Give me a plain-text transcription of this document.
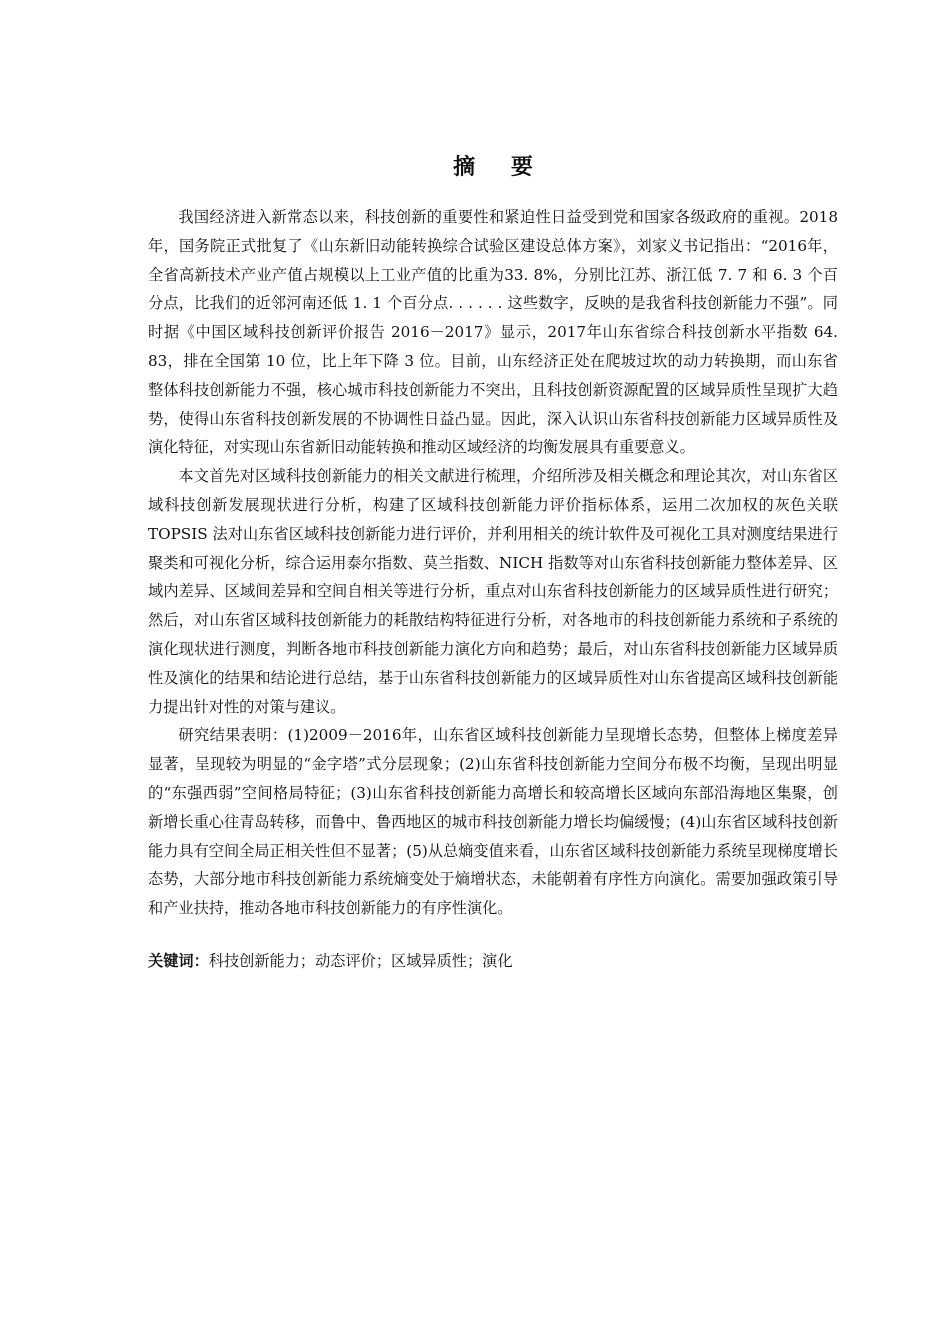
摘 要

我国经济进入新常态以来，科技创新的重要性和紧迫性日益受到党和国家各级政府的重视。2018年，国务院正式批复了《山东新旧动能转换综合试验区建设总体方案》，刘家义书记指出：“2016年，全省高新技术产业产值占规模以上工业产值的比重为33. 8%，分别比江苏、浙江低 7. 7 和 6. 3 个百分点，比我们的近邻河南还低 1. 1 个百分点. . . . . . 这些数字，反映的是我省科技创新能力不强”。同时据《中国区域科技创新评价报告 2016－2017》显示，2017年山东省综合科技创新水平指数 64. 83，排在全国第 10 位，比上年下降 3 位。目前，山东经济正处在爬坡过坎的动力转换期，而山东省整体科技创新能力不强，核心城市科技创新能力不突出，且科技创新资源配置的区域异质性呈现扩大趋势，使得山东省科技创新发展的不协调性日益凸显。因此，深入认识山东省科技创新能力区域异质性及演化特征，对实现山东省新旧动能转换和推动区域经济的均衡发展具有重要意义。

本文首先对区域科技创新能力的相关文献进行梳理，介绍所涉及相关概念和理论其次，对山东省区域科技创新发展现状进行分析，构建了区域科技创新能力评价指标体系，运用二次加权的灰色关联 TOPSIS 法对山东省区域科技创新能力进行评价，并利用相关的统计软件及可视化工具对测度结果进行聚类和可视化分析，综合运用泰尔指数、莫兰指数、NICH 指数等对山东省科技创新能力整体差异、区域内差异、区域间差异和空间自相关等进行分析，重点对山东省科技创新能力的区域异质性进行研究；然后，对山东省区域科技创新能力的耗散结构特征进行分析，对各地市的科技创新能力系统和子系统的演化现状进行测度，判断各地市科技创新能力演化方向和趋势；最后，对山东省科技创新能力区域异质性及演化的结果和结论进行总结，基于山东省科技创新能力的区域异质性对山东省提高区域科技创新能力提出针对性的对策与建议。

研究结果表明：(1)2009－2016年，山东省区域科技创新能力呈现增长态势，但整体上梯度差异显著，呈现较为明显的“金字塔”式分层现象；(2)山东省科技创新能力空间分布极不均衡，呈现出明显的“东强西弱”空间格局特征；(3)山东省科技创新能力高增长和较高增长区域向东部沿海地区集聚，创新增长重心往青岛转移，而鲁中、鲁西地区的城市科技创新能力增长均偏缓慢；(4)山东省区域科技创新能力具有空间全局正相关性但不显著；(5)从总熵变值来看，山东省区域科技创新能力系统呈现梯度增长态势，大部分地市科技创新能力系统熵变处于熵增状态，未能朝着有序性方向演化。需要加强政策引导和产业扶持，推动各地市科技创新能力的有序性演化。

关键词：科技创新能力；动态评价；区域异质性；演化
